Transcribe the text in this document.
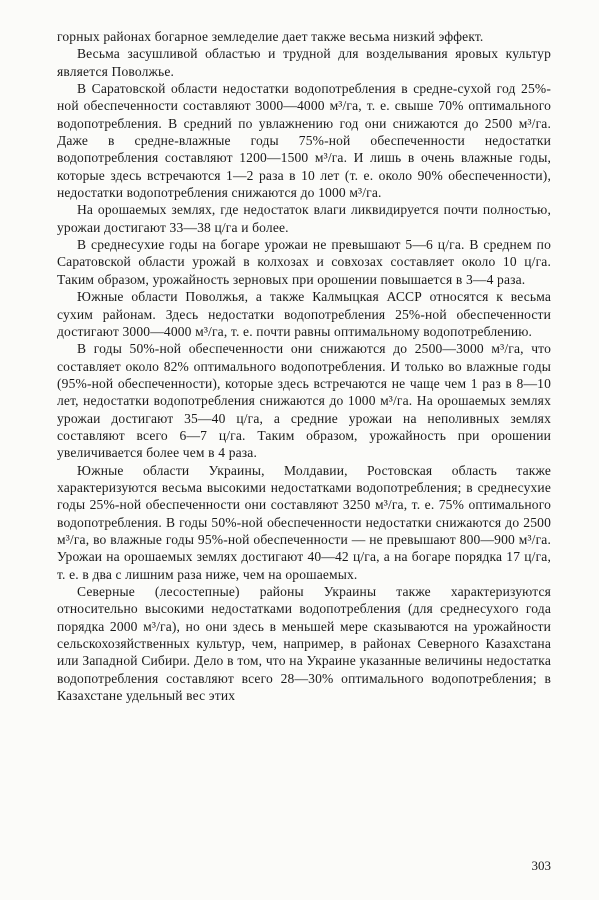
горных районах богарное земледелие дает также весьма низкий эффект.

Весьма засушливой областью и трудной для возделывания яровых культур является Поволжье.

В Саратовской области недостатки водопотребления в средне-сухой год 25%-ной обеспеченности составляют 3000—4000 м³/га, т. е. свыше 70% оптимального водопотребления. В средний по увлажнению год они снижаются до 2500 м³/га. Даже в средне-влажные годы 75%-ной обеспеченности недостатки водопотребления составляют 1200—1500 м³/га. И лишь в очень влажные годы, которые здесь встречаются 1—2 раза в 10 лет (т. е. около 90% обеспеченности), недостатки водопотребления снижаются до 1000 м³/га.

На орошаемых землях, где недостаток влаги ликвидируется почти полностью, урожаи достигают 33—38 ц/га и более.

В среднесухие годы на богаре урожаи не превышают 5—6 ц/га. В среднем по Саратовской области урожай в колхозах и совхозах составляет около 10 ц/га. Таким образом, урожайность зерновых при орошении повышается в 3—4 раза.

Южные области Поволжья, а также Калмыцкая АССР относятся к весьма сухим районам. Здесь недостатки водопотребления 25%-ной обеспеченности достигают 3000—4000 м³/га, т. е. почти равны оптимальному водопотреблению.

В годы 50%-ной обеспеченности они снижаются до 2500—3000 м³/га, что составляет около 82% оптимального водопотребления. И только во влажные годы (95%-ной обеспеченности), которые здесь встречаются не чаще чем 1 раз в 8—10 лет, недостатки водопотребления снижаются до 1000 м³/га. На орошаемых землях урожаи достигают 35—40 ц/га, а средние урожаи на неполивных землях составляют всего 6—7 ц/га. Таким образом, урожайность при орошении увеличивается более чем в 4 раза.

Южные области Украины, Молдавии, Ростовская область также характеризуются весьма высокими недостатками водопотребления; в среднесухие годы 25%-ной обеспеченности они составляют 3250 м³/га, т. е. 75% оптимального водопотребления. В годы 50%-ной обеспеченности недостатки снижаются до 2500 м³/га, во влажные годы 95%-ной обеспеченности — не превышают 800—900 м³/га. Урожаи на орошаемых землях достигают 40—42 ц/га, а на богаре порядка 17 ц/га, т. е. в два с лишним раза ниже, чем на орошаемых.

Северные (лесостепные) районы Украины также характеризуются относительно высокими недостатками водопотребления (для среднесухого года порядка 2000 м³/га), но они здесь в меньшей мере сказываются на урожайности сельскохозяйственных культур, чем, например, в районах Северного Казахстана или Западной Сибири. Дело в том, что на Украине указанные величины недостатка водопотребления составляют всего 28—30% оптимального водопотребления; в Казахстане удельный вес этих

303
